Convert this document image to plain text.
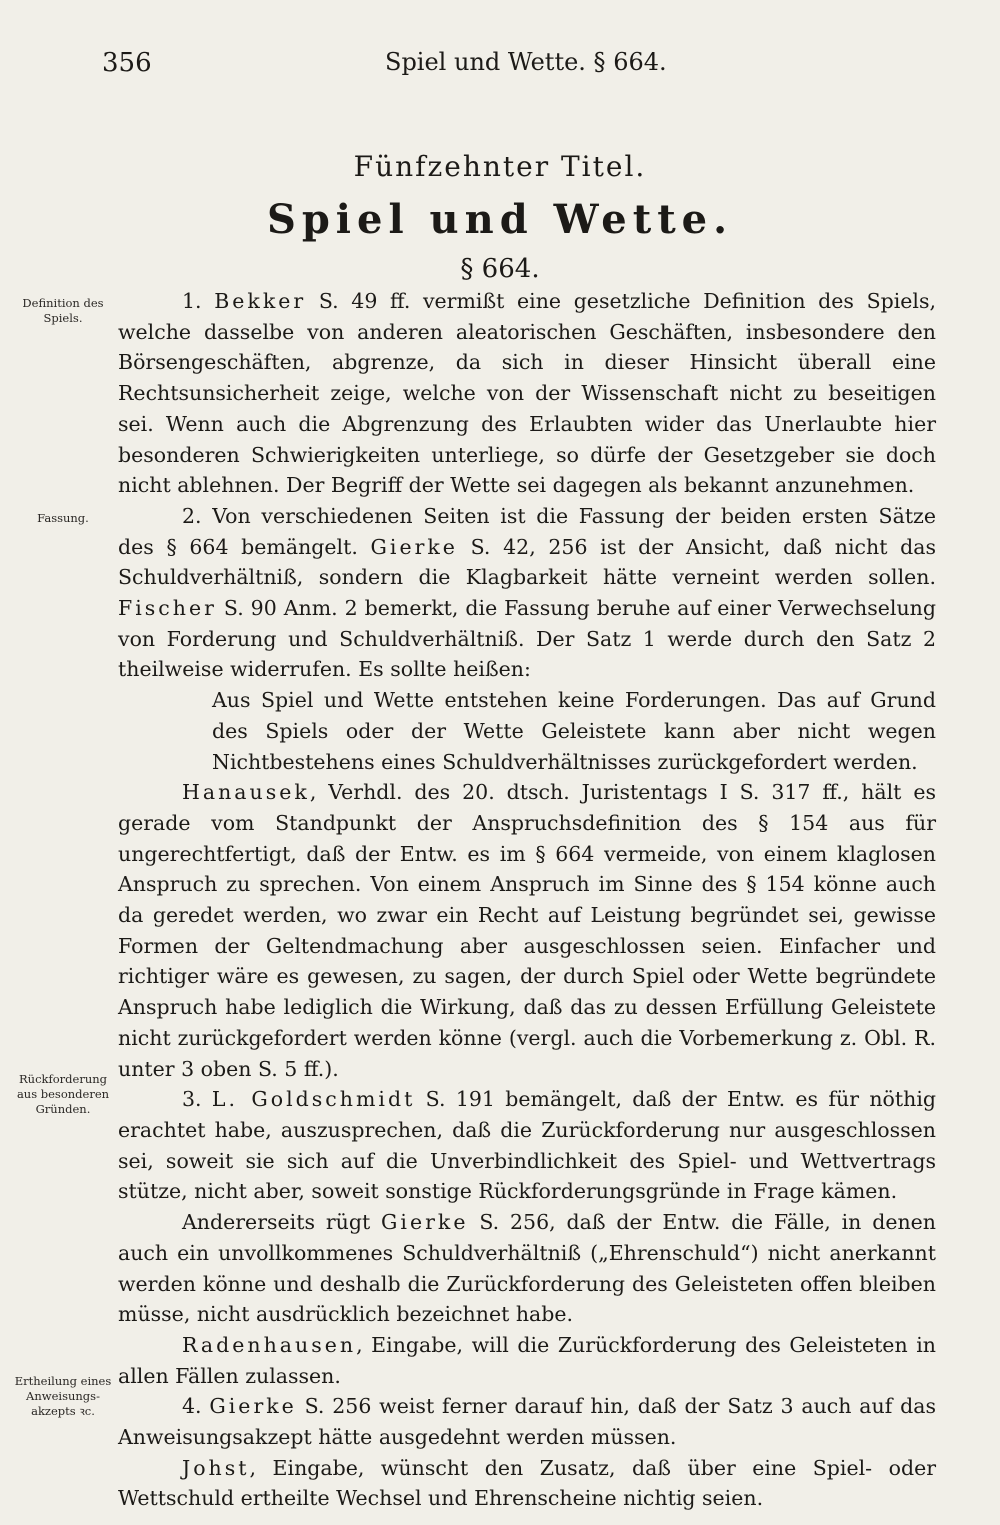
356	Spiel und Wette. § 664.
Fünfzehnter Titel.
Spiel und Wette.
§ 664.
Definition des Spiels.
Fassung.
Rückforderung aus besonderen Gründen.
Ertheilung eines Anweisungs-akzepts ꝛc.

1. Bekker S. 49 ff. vermißt eine gesetzliche Definition des Spiels, welche dasselbe von anderen aleatorischen Geschäften, insbesondere den Börsengeschäften, abgrenze, da sich in dieser Hinsicht überall eine Rechtsunsicherheit zeige, welche von der Wissenschaft nicht zu beseitigen sei. Wenn auch die Abgrenzung des Erlaubten wider das Unerlaubte hier besonderen Schwierigkeiten unterliege, so dürfe der Gesetzgeber sie doch nicht ablehnen. Der Begriff der Wette sei dagegen als bekannt anzunehmen.

2. Von verschiedenen Seiten ist die Fassung der beiden ersten Sätze des § 664 bemängelt. Gierke S. 42, 256 ist der Ansicht, daß nicht das Schuldverhältniß, sondern die Klagbarkeit hätte verneint werden sollen. Fischer S. 90 Anm. 2 bemerkt, die Fassung beruhe auf einer Verwechselung von Forderung und Schuldverhältniß. Der Satz 1 werde durch den Satz 2 theilweise widerrufen. Es sollte heißen:

Aus Spiel und Wette entstehen keine Forderungen. Das auf Grund des Spiels oder der Wette Geleistete kann aber nicht wegen Nichtbestehens eines Schuldverhältnisses zurückgefordert werden.

Hanausek, Verhdl. des 20. dtsch. Juristentags I S. 317 ff., hält es gerade vom Standpunkt der Anspruchsdefinition des § 154 aus für ungerechtfertigt, daß der Entw. es im § 664 vermeide, von einem klaglosen Anspruch zu sprechen. Von einem Anspruch im Sinne des § 154 könne auch da geredet werden, wo zwar ein Recht auf Leistung begründet sei, gewisse Formen der Geltendmachung aber ausgeschlossen seien. Einfacher und richtiger wäre es gewesen, zu sagen, der durch Spiel oder Wette begründete Anspruch habe lediglich die Wirkung, daß das zu dessen Erfüllung Geleistete nicht zurückgefordert werden könne (vergl. auch die Vorbemerkung z. Obl. R. unter 3 oben S. 5 ff.).

3. L. Goldschmidt S. 191 bemängelt, daß der Entw. es für nöthig erachtet habe, auszusprechen, daß die Zurückforderung nur ausgeschlossen sei, soweit sie sich auf die Unverbindlichkeit des Spiel- und Wettvertrags stütze, nicht aber, soweit sonstige Rückforderungsgründe in Frage kämen.

Andererseits rügt Gierke S. 256, daß der Entw. die Fälle, in denen auch ein unvollkommenes Schuldverhältniß („Ehrenschuld“) nicht anerkannt werden könne und deshalb die Zurückforderung des Geleisteten offen bleiben müsse, nicht ausdrücklich bezeichnet habe.

Radenhausen, Eingabe, will die Zurückforderung des Geleisteten in allen Fällen zulassen.

4. Gierke S. 256 weist ferner darauf hin, daß der Satz 3 auch auf das Anweisungsakzept hätte ausgedehnt werden müssen.

Johst, Eingabe, wünscht den Zusatz, daß über eine Spiel- oder Wettschuld ertheilte Wechsel und Ehrenscheine nichtig seien.
